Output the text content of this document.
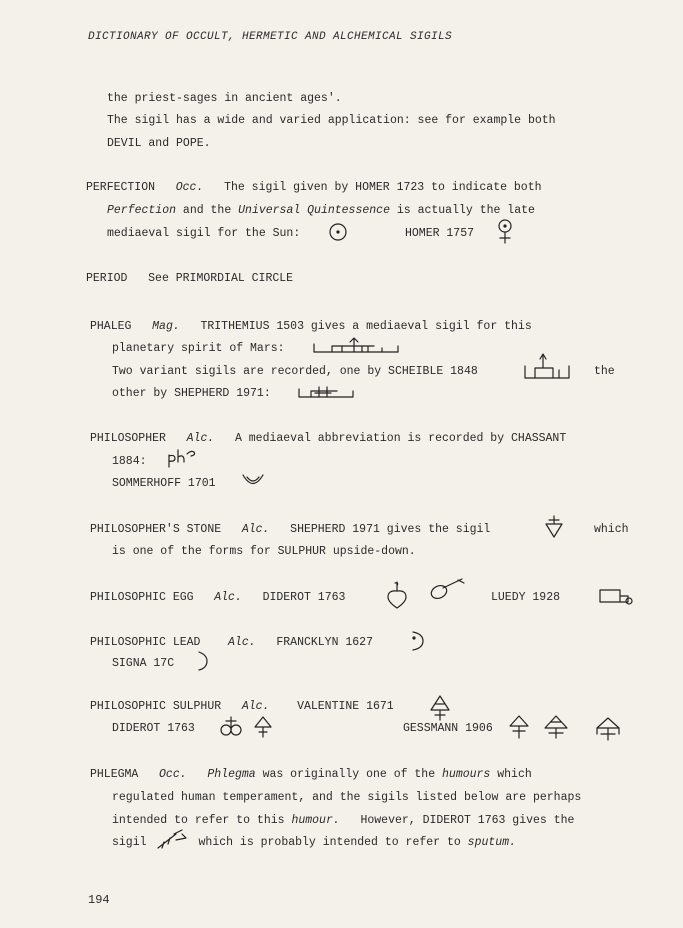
DICTIONARY OF OCCULT, HERMETIC AND ALCHEMICAL SIGILS
the priest-sages in ancient ages'.
The sigil has a wide and varied application: see for example both
DEVIL and POPE.
PERFECTION Occ. The sigil given by HOMER 1723 to indicate both
Perfection and the Universal Quintessence is actually the late
mediaeval sigil for the Sun:	HOMER 1757
PERIOD See PRIMORDIAL CIRCLE
PHALEG Mag. TRITHEMIUS 1503 gives a mediaeval sigil for this
planetary spirit of Mars:
Two variant sigils are recorded, one by SCHEIBLE 1848	the
other by SHEPHERD 1971:
PHILOSOPHER Alc. A mediaeval abbreviation is recorded by CHASSANT
1884:
SOMMERHOFF 1701
PHILOSOPHER'S STONE Alc. SHEPHERD 1971 gives the sigil	which
is one of the forms for SULPHUR upside-down.
PHILOSOPHIC EGG Alc. DIDEROT 1763	LUEDY 1928
PHILOSOPHIC LEAD Alc. FRANCKLYN 1627
SIGNA 17C
PHILOSOPHIC SULPHUR Alc. VALENTINE 1671
DIDEROT 1763	GESSMANN 1906
PHLEGMA Occ. Phlegma was originally one of the humours which
regulated human temperament, and the sigils listed below are perhaps
intended to refer to this humour. However, DIDEROT 1763 gives the
sigil	which is probably intended to refer to sputum.
194
